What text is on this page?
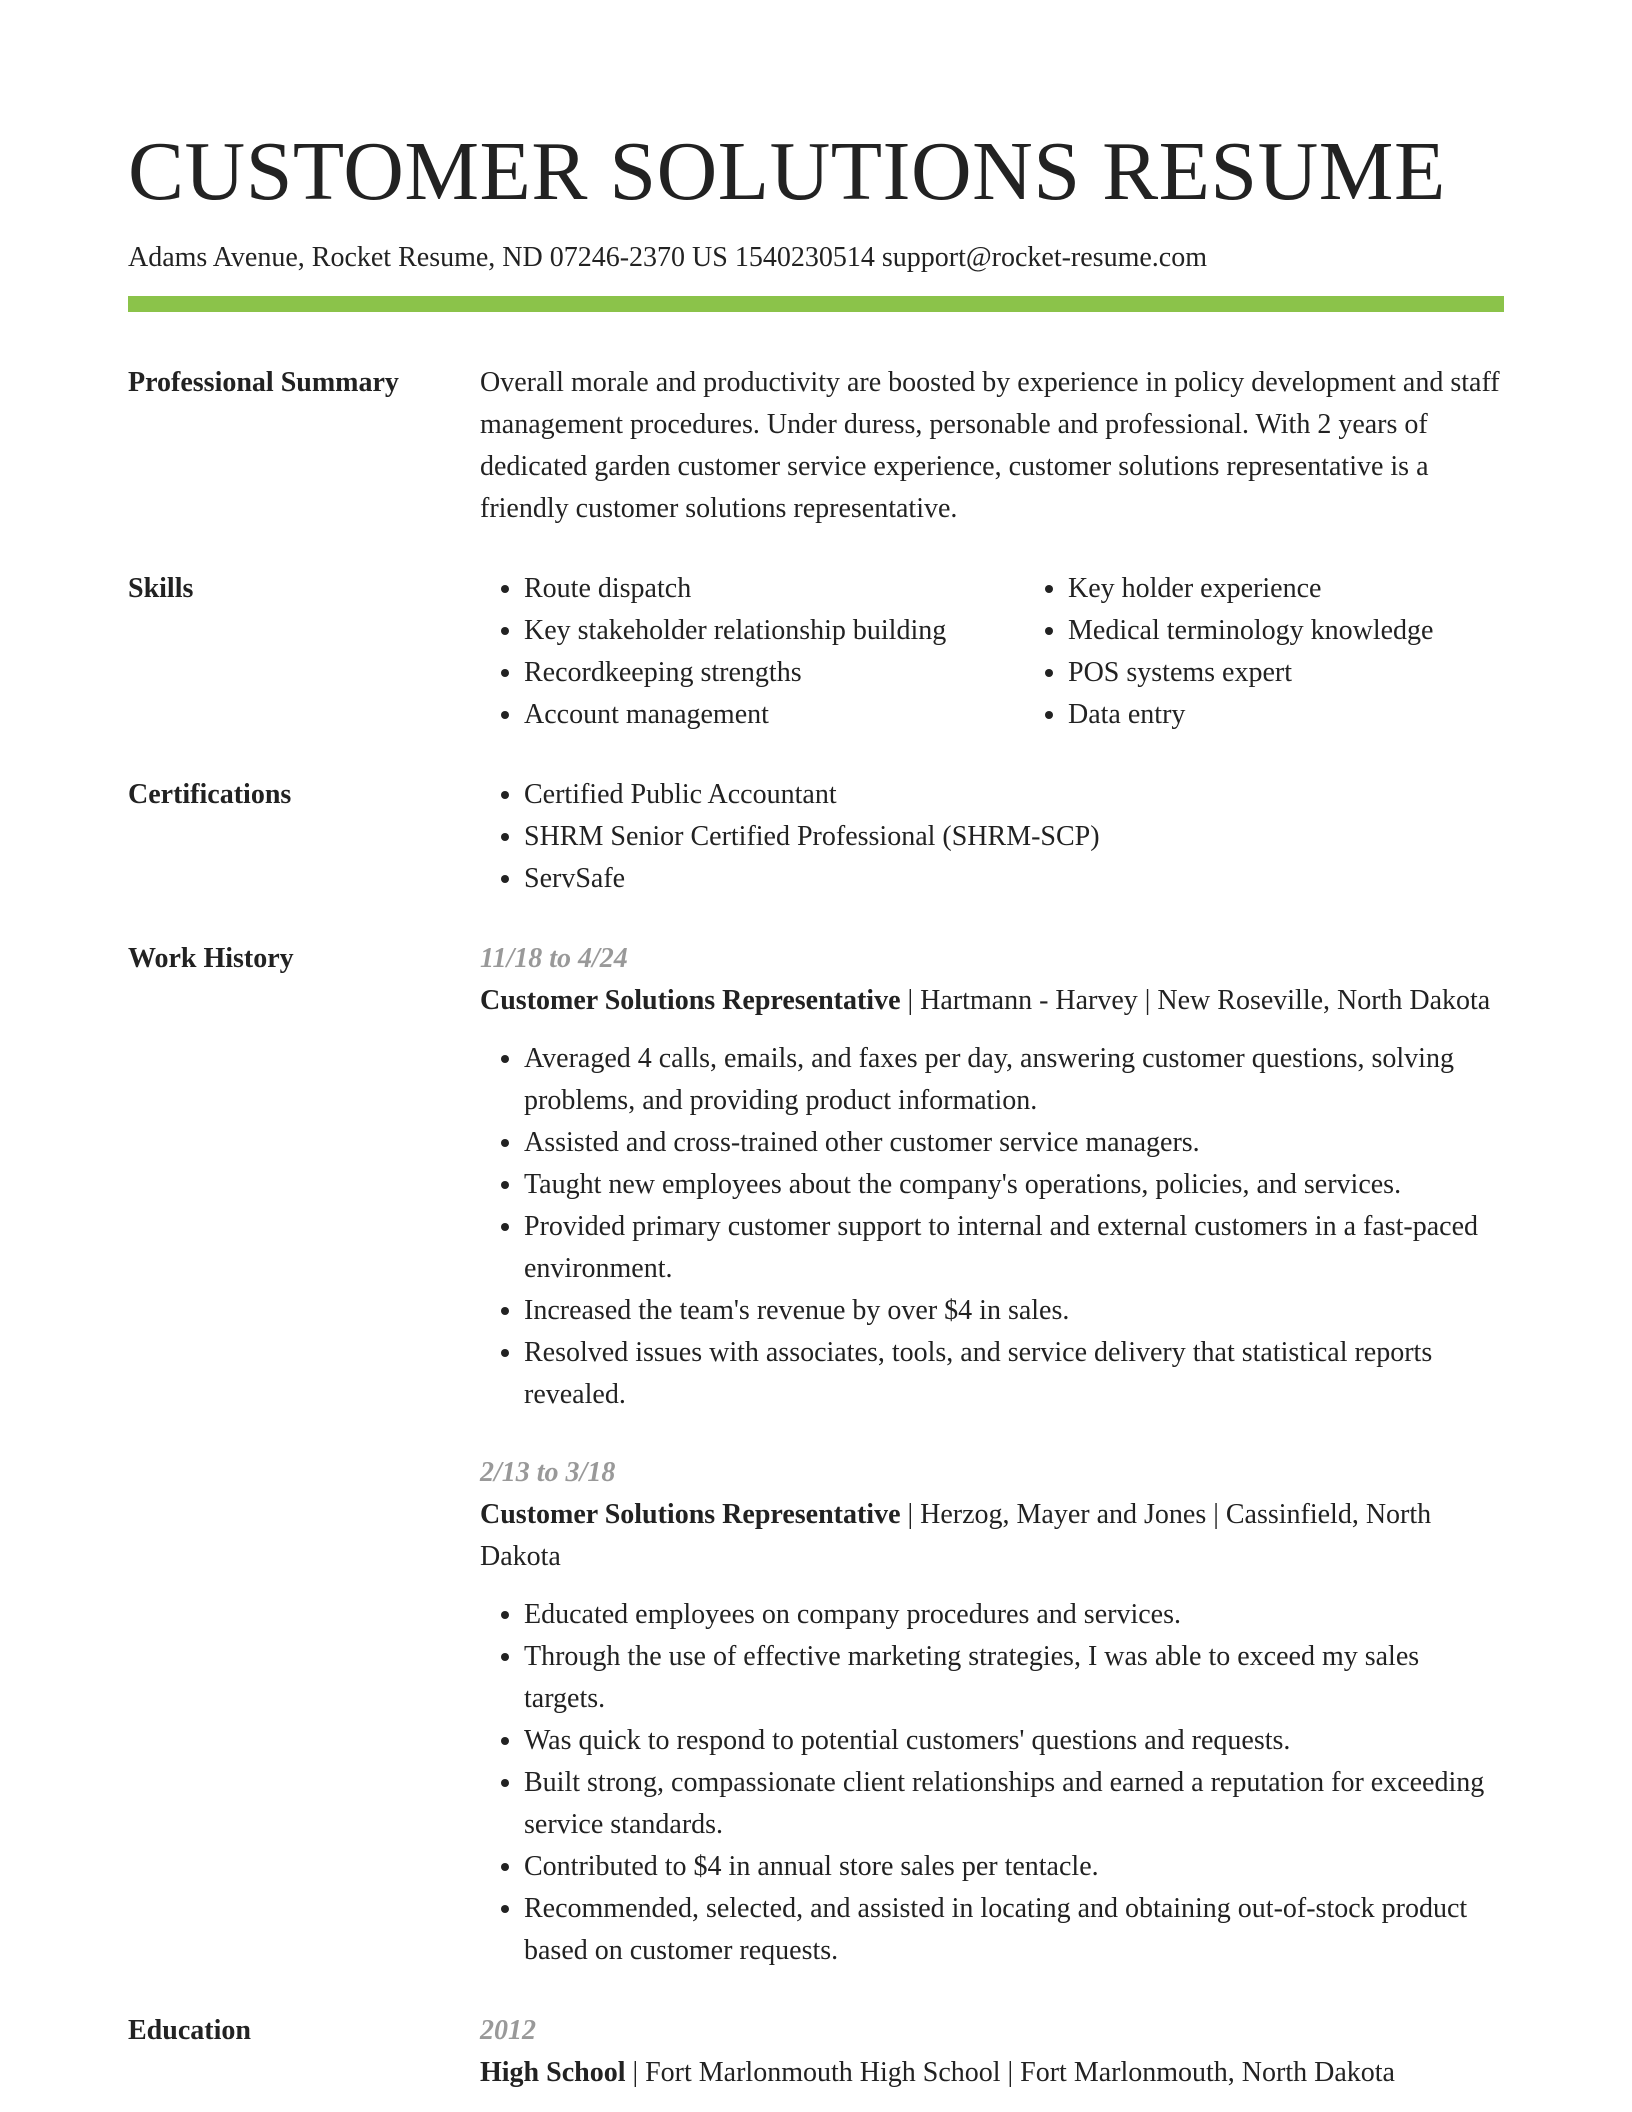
CUSTOMER SOLUTIONS RESUME
Adams Avenue, Rocket Resume, ND 07246-2370 US 1540230514 support@rocket-resume.com
Professional Summary	Overall morale and productivity are boosted by experience in policy development and staff management procedures. Under duress, personable and professional. With 2 years of dedicated garden customer service experience, customer solutions representative is a friendly customer solutions representative.

Skills	• Route dispatch
• Key stakeholder relationship building
• Recordkeeping strengths
• Account management
• Key holder experience
• Medical terminology knowledge
• POS systems expert
• Data entry
Certifications	• Certified Public Accountant
• SHRM Senior Certified Professional (SHRM-SCP)
• ServSafe
Work History	11/18 to 4/24
Customer Solutions Representative | Hartmann - Harvey | New Roseville, North Dakota
• Averaged 4 calls, emails, and faxes per day, answering customer questions, solving problems, and providing product information.
• Assisted and cross-trained other customer service managers.
• Taught new employees about the company's operations, policies, and services.
• Provided primary customer support to internal and external customers in a fast-paced environment.
• Increased the team's revenue by over $4 in sales.
• Resolved issues with associates, tools, and service delivery that statistical reports revealed.
2/13 to 3/18
Customer Solutions Representative | Herzog, Mayer and Jones | Cassinfield, North Dakota
• Educated employees on company procedures and services.
• Through the use of effective marketing strategies, I was able to exceed my sales targets.
• Was quick to respond to potential customers' questions and requests.
• Built strong, compassionate client relationships and earned a reputation for exceeding service standards.
• Contributed to $4 in annual store sales per tentacle.
• Recommended, selected, and assisted in locating and obtaining out-of-stock product based on customer requests.
Education	2012
High School | Fort Marlonmouth High School | Fort Marlonmouth, North Dakota
